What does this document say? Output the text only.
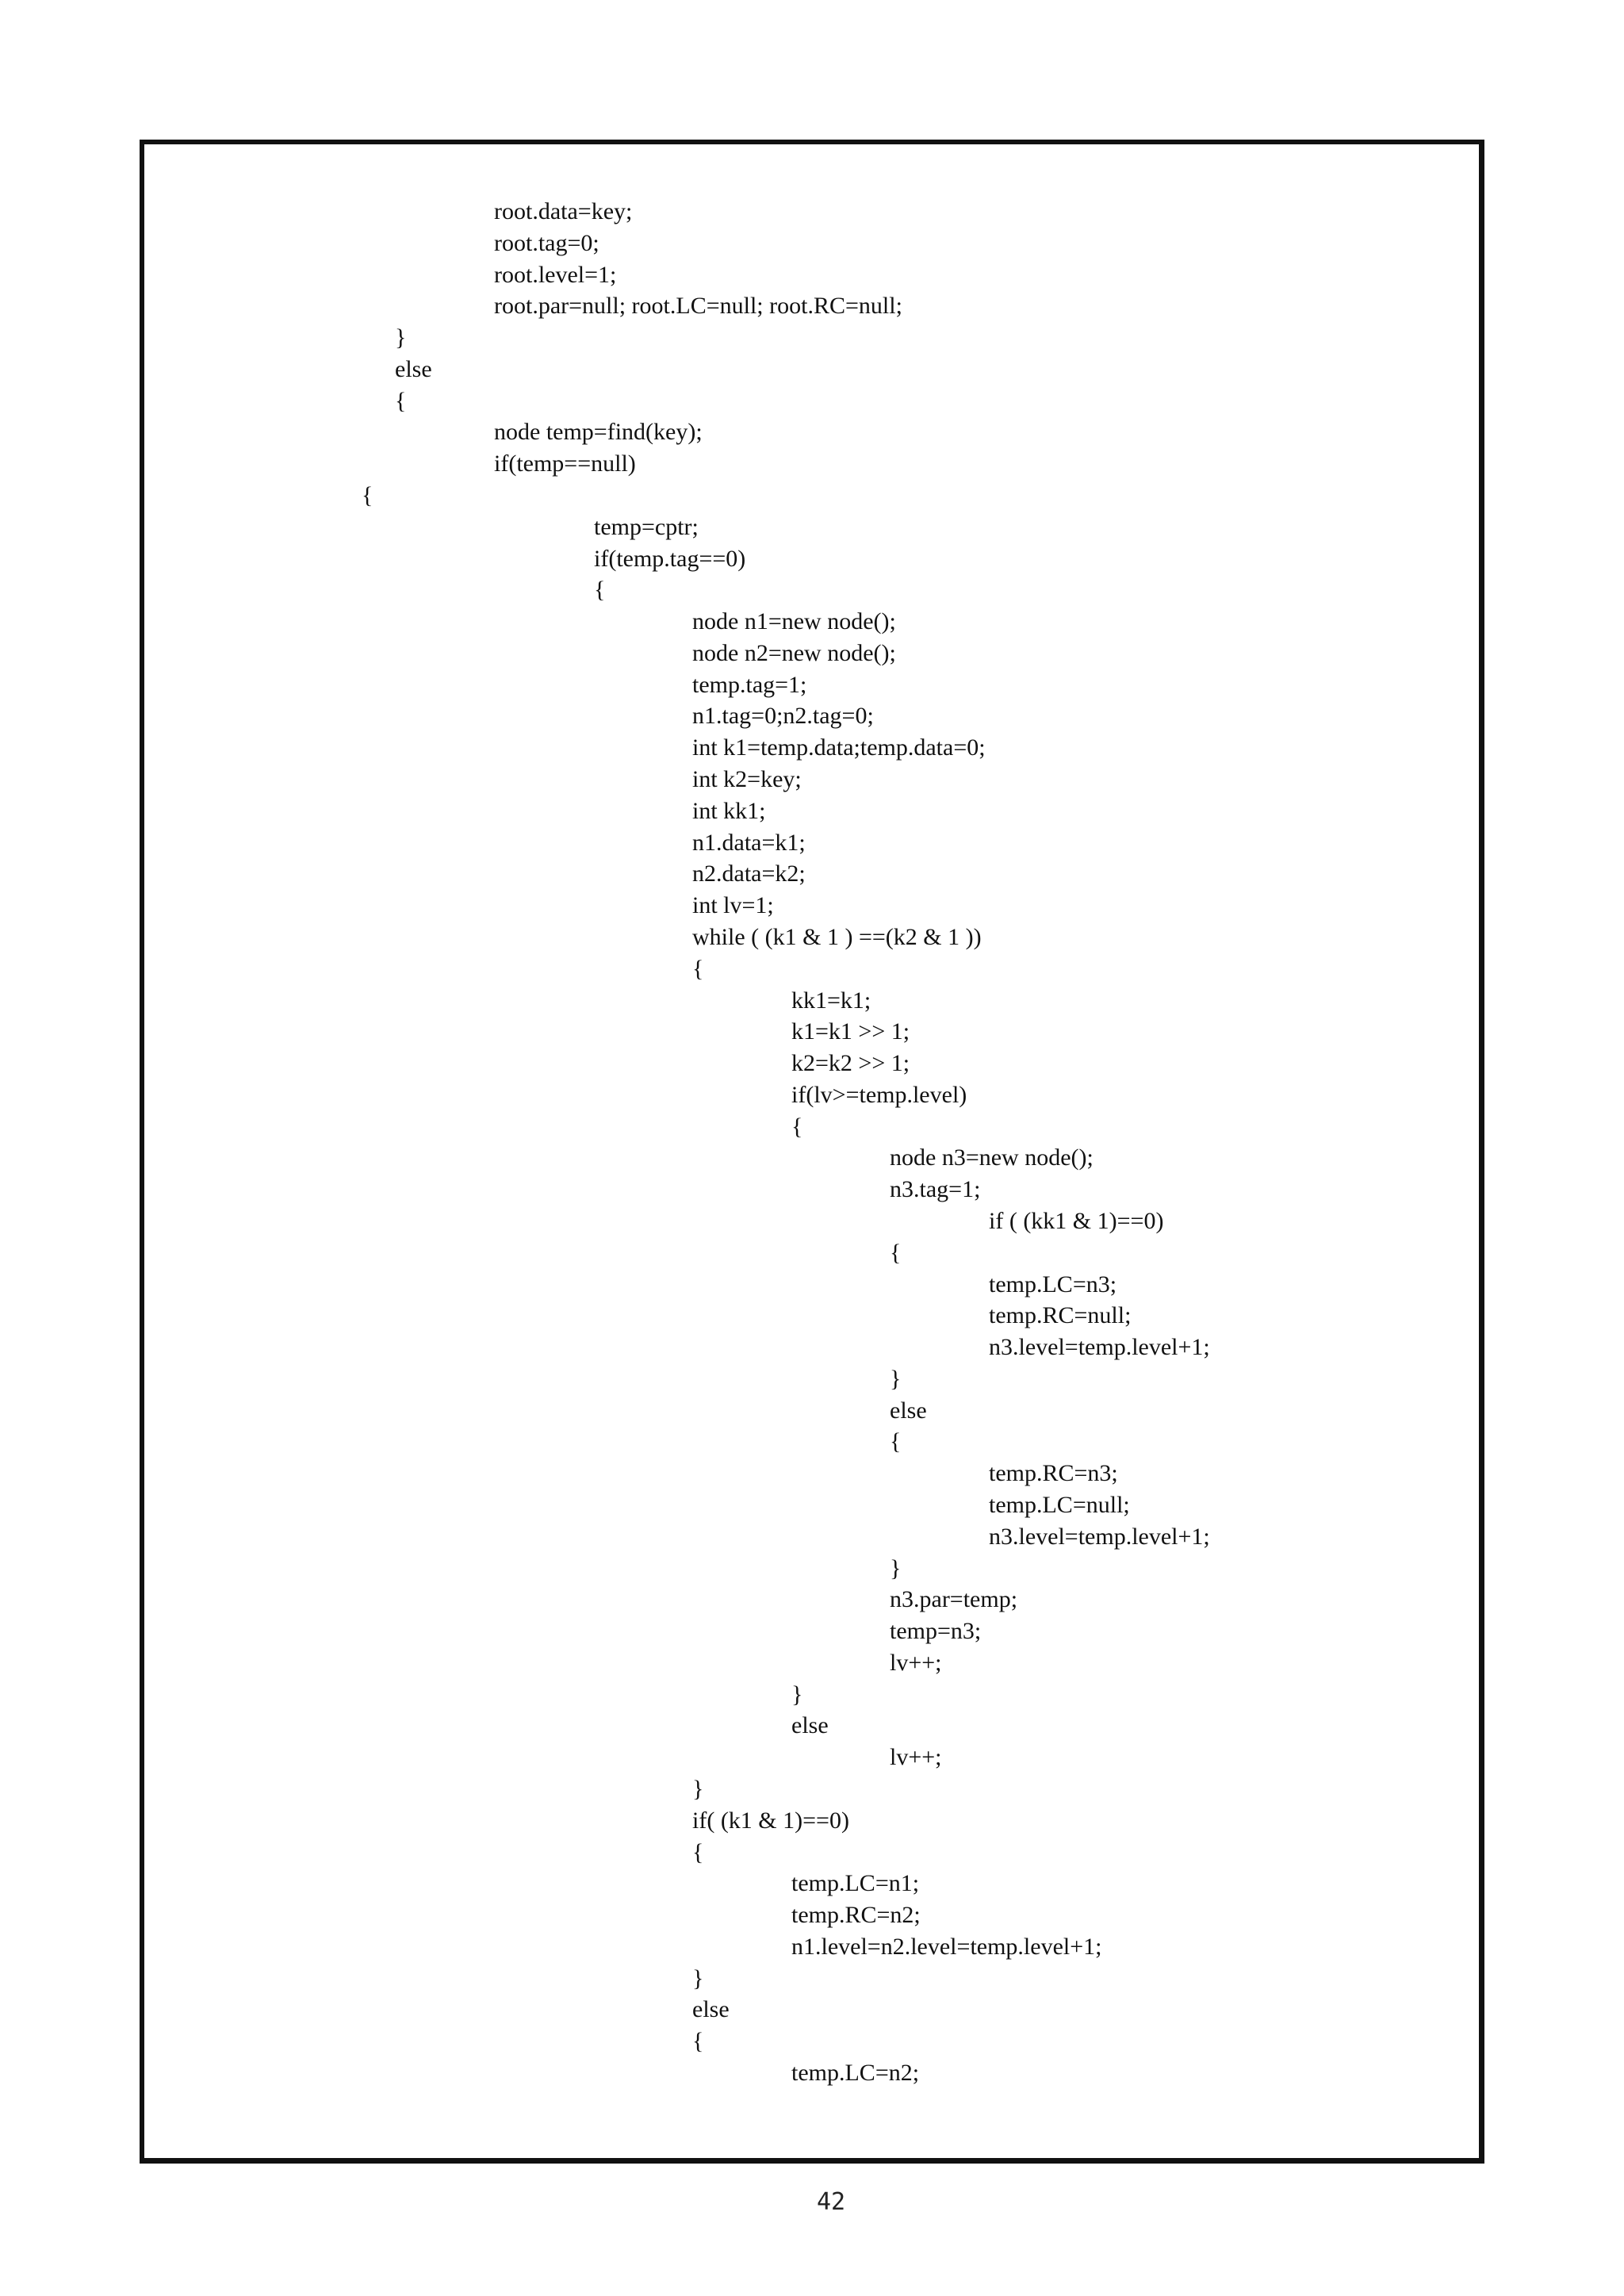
root.data=key;
root.tag=0;
root.level=1;
root.par=null; root.LC=null; root.RC=null;
}
else
{
node temp=find(key);
if(temp==null)
{
temp=cptr;
if(temp.tag==0)
{
node n1=new node();
node n2=new node();
temp.tag=1;
n1.tag=0;n2.tag=0;
int k1=temp.data;temp.data=0;
int k2=key;
int kk1;
n1.data=k1;
n2.data=k2;
int lv=1;
while ( (k1 & 1 ) ==(k2 & 1 ))
{
kk1=k1;
k1=k1 >> 1;
k2=k2 >> 1;
if(lv>=temp.level)
{
node n3=new node();
n3.tag=1;
if ( (kk1 & 1)==0)
{
temp.LC=n3;
temp.RC=null;
n3.level=temp.level+1;
}
else
{
temp.RC=n3;
temp.LC=null;
n3.level=temp.level+1;
}
n3.par=temp;
temp=n3;
lv++;
}
else
lv++;
}
if( (k1 & 1)==0)
{
temp.LC=n1;
temp.RC=n2;
n1.level=n2.level=temp.level+1;
}
else
{
temp.LC=n2;
42
